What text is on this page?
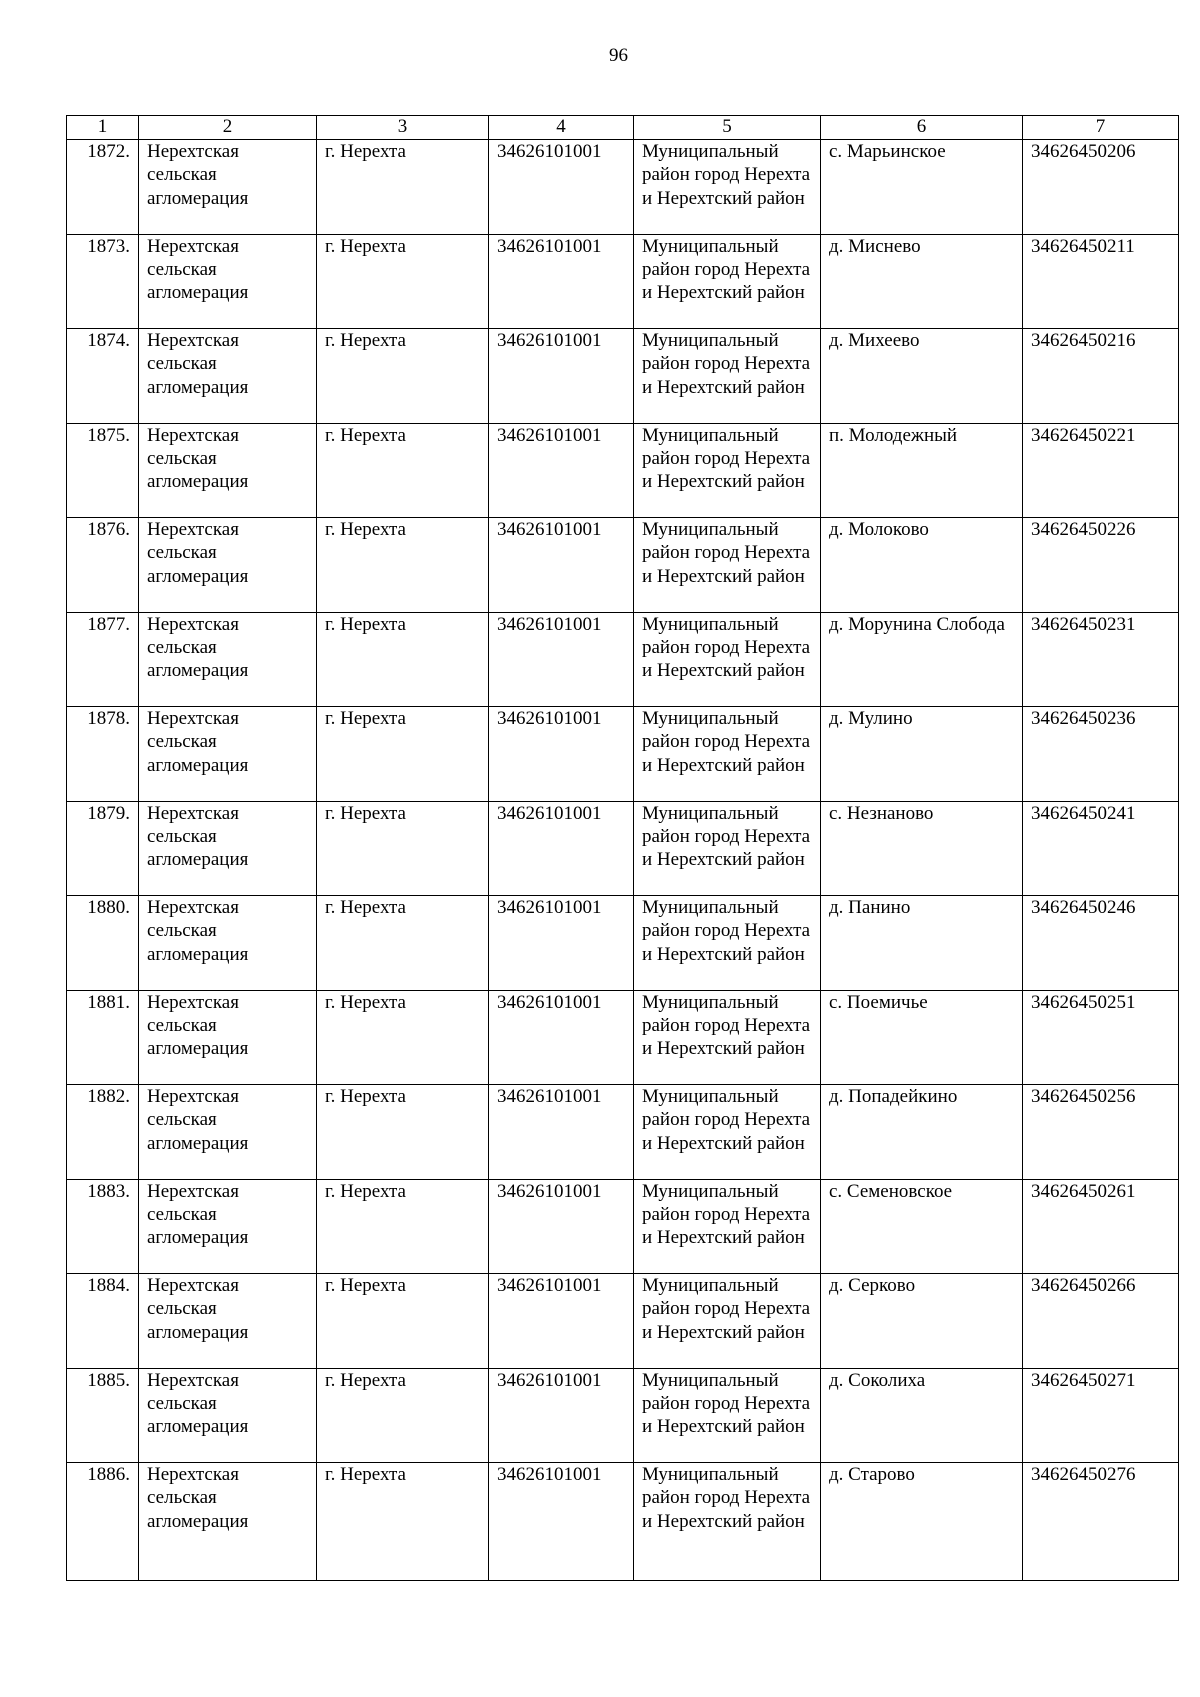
96
1	2	3	4	5	6	7
1872.	Нерехтская сельская агломерация	г. Нерехта	34626101001	Муниципальный район город Нерехта и Нерехтский район	с. Марьинское	34626450206
1873.	Нерехтская сельская агломерация	г. Нерехта	34626101001	Муниципальный район город Нерехта и Нерехтский район	д. Миснево	34626450211
1874.	Нерехтская сельская агломерация	г. Нерехта	34626101001	Муниципальный район город Нерехта и Нерехтский район	д. Михеево	34626450216
1875.	Нерехтская сельская агломерация	г. Нерехта	34626101001	Муниципальный район город Нерехта и Нерехтский район	п. Молодежный	34626450221
1876.	Нерехтская сельская агломерация	г. Нерехта	34626101001	Муниципальный район город Нерехта и Нерехтский район	д. Молоково	34626450226
1877.	Нерехтская сельская агломерация	г. Нерехта	34626101001	Муниципальный район город Нерехта и Нерехтский район	д. Морунина Слобода	34626450231
1878.	Нерехтская сельская агломерация	г. Нерехта	34626101001	Муниципальный район город Нерехта и Нерехтский район	д. Мулино	34626450236
1879.	Нерехтская сельская агломерация	г. Нерехта	34626101001	Муниципальный район город Нерехта и Нерехтский район	с. Незнаново	34626450241
1880.	Нерехтская сельская агломерация	г. Нерехта	34626101001	Муниципальный район город Нерехта и Нерехтский район	д. Панино	34626450246
1881.	Нерехтская сельская агломерация	г. Нерехта	34626101001	Муниципальный район город Нерехта и Нерехтский район	с. Поемичье	34626450251
1882.	Нерехтская сельская агломерация	г. Нерехта	34626101001	Муниципальный район город Нерехта и Нерехтский район	д. Попадейкино	34626450256
1883.	Нерехтская сельская агломерация	г. Нерехта	34626101001	Муниципальный район город Нерехта и Нерехтский район	с. Семеновское	34626450261
1884.	Нерехтская сельская агломерация	г. Нерехта	34626101001	Муниципальный район город Нерехта и Нерехтский район	д. Серково	34626450266
1885.	Нерехтская сельская агломерация	г. Нерехта	34626101001	Муниципальный район город Нерехта и Нерехтский район	д. Соколиха	34626450271
1886.	Нерехтская сельская агломерация	г. Нерехта	34626101001	Муниципальный район город Нерехта и Нерехтский район	д. Старово	34626450276
